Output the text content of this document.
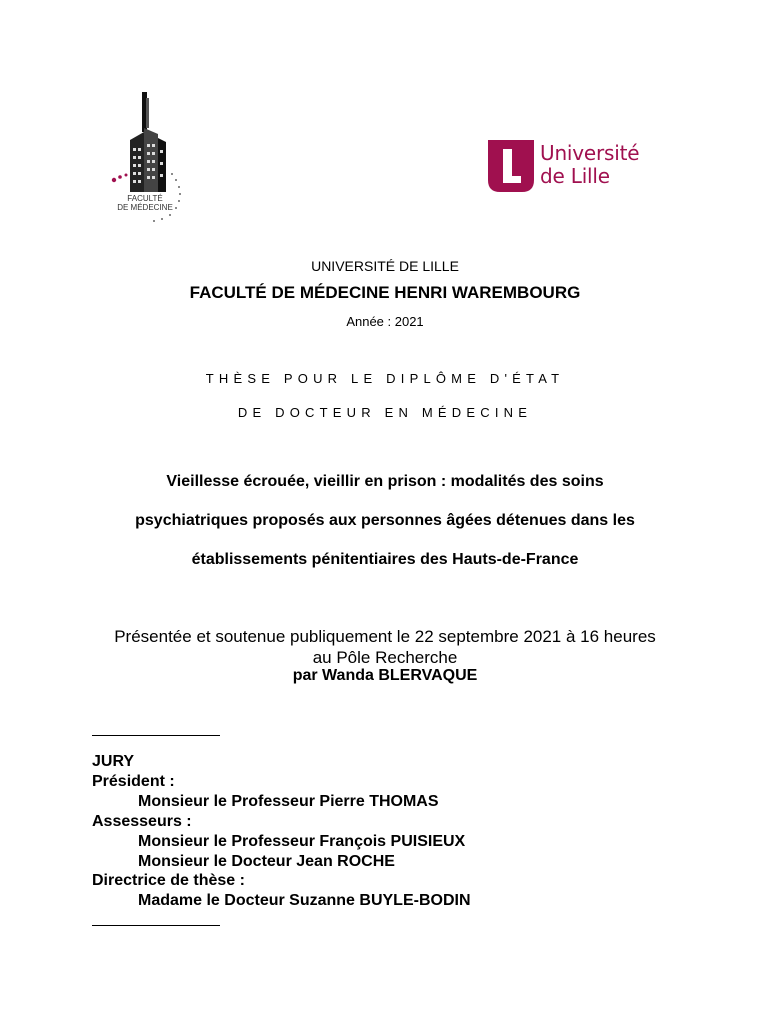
FACULTÉ
DE MÉDECINE
Université
de Lille
UNIVERSITÉ DE LILLE
FACULTÉ DE MÉDECINE HENRI WAREMBOURG
Année : 2021
THÈSE POUR LE DIPLÔME D'ÉTAT
DE DOCTEUR EN MÉDECINE
Vieillesse écrouée, vieillir en prison : modalités des soins
psychiatriques proposés aux personnes âgées détenues dans les
établissements pénitentiaires des Hauts-de-France
Présentée et soutenue publiquement le 22 septembre 2021 à 16 heures
au Pôle Recherche
par Wanda BLERVAQUE
JURY
Président :
Monsieur le Professeur Pierre THOMAS
Assesseurs :
Monsieur le Professeur François PUISIEUX
Monsieur le Docteur Jean ROCHE
Directrice de thèse :
Madame le Docteur Suzanne BUYLE-BODIN
